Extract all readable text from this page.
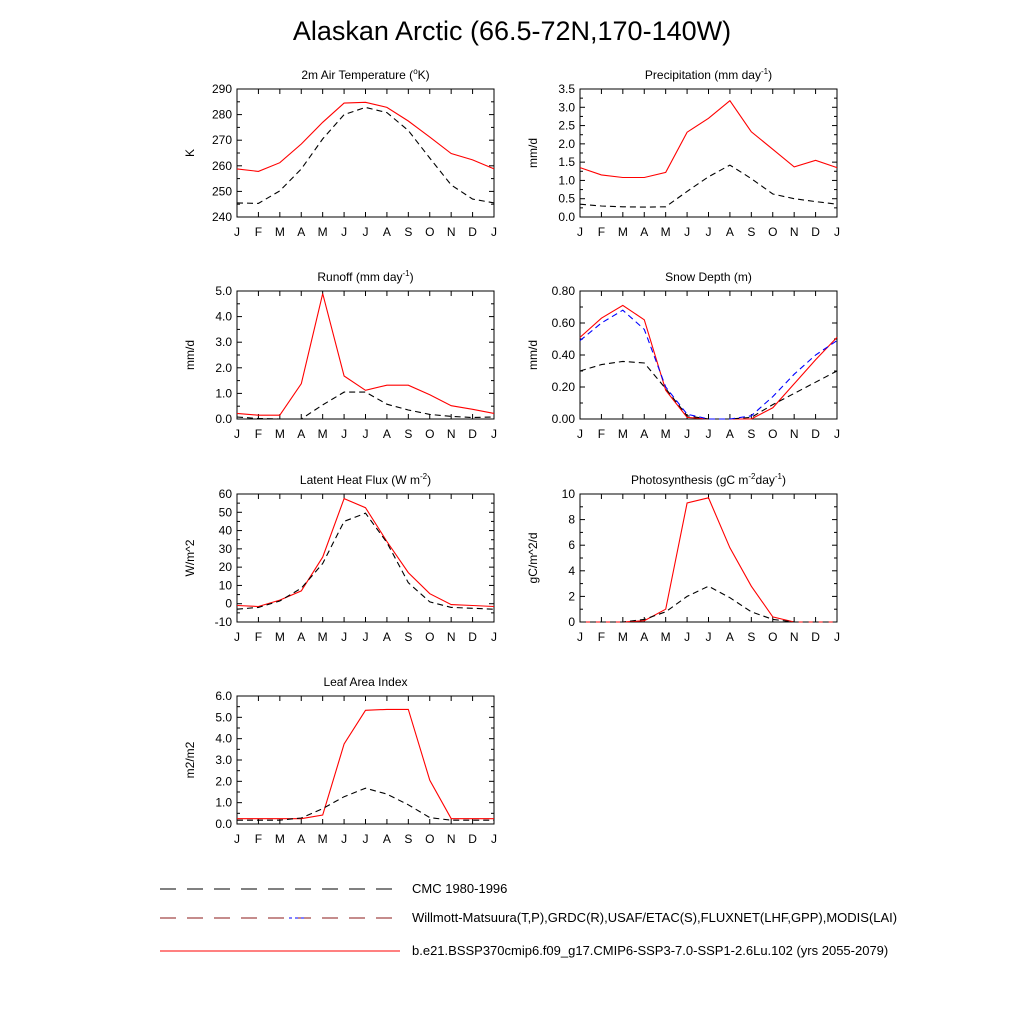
Alaskan Arctic (66.5-72N,170-140W)
J F M A M J J A S O N D J
240
250
260
270
280
290
2m Air Temperature ($^o$K)
K
J F M A M J J A S O N D J
0.0
0.5
1.0
1.5
2.0
2.5
3.0
3.5
Precipitation (mm day$^{-1}$)
mm/d
J F M A M J J A S O N D J
0.0
1.0
2.0
3.0
4.0
5.0
Runoff (mm day$^{-1}$)
mm/d
J F M A M J J A S O N D J
0.00
0.20
0.40
0.60
0.80
Snow Depth (m)
mm/d
J F M A M J J A S O N D J
-10
0
10
20
30
40
50
60
Latent Heat Flux (W $m^{-2}$)
W/m^2
J F M A M J J A S O N D J
0
2
4
6
8
10
Photosynthesis (gC $m^{-2}day^{-1}$)
gC/m^2/d
J F M A M J J A S O N D J
0.0
1.0
2.0
3.0
4.0
5.0
6.0
Leaf Area Index
m2/m2
CMC 1980-1996
Willmott-Matsuura(T,P),GRDC(R),USAF/ETAC(S),FLUXNET(LHF,GPP),MODIS(LAI)
b.e21.BSSP370cmip6.f09_g17.CMIP6-SSP3-7.0-SSP1-2.6Lu.102 (yrs 2055-2079)
